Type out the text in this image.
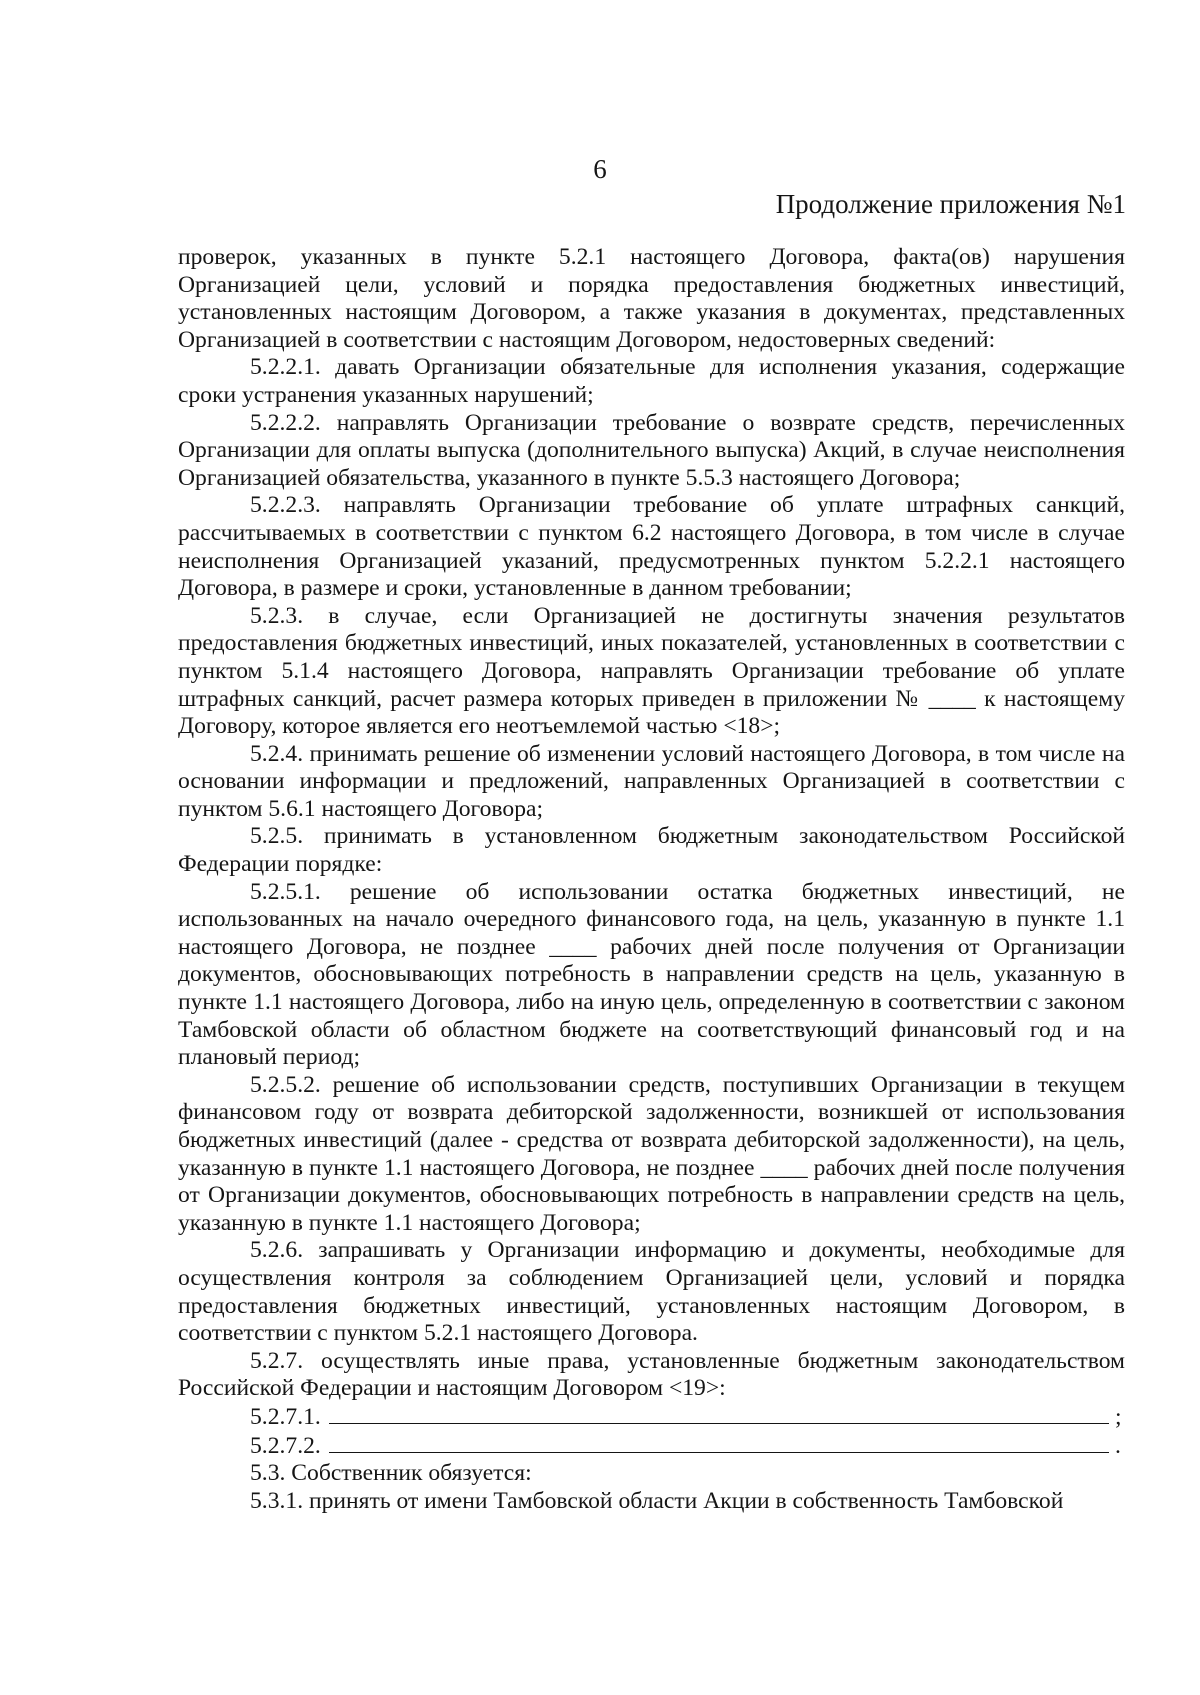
6
Продолжение приложения №1

проверок, указанных в пункте 5.2.1 настоящего Договора, факта(ов) нарушения Организацией цели, условий и порядка предоставления бюджетных инвестиций, установленных настоящим Договором, а также указания в документах, представленных Организацией в соответствии с настоящим Договором, недостоверных сведений:

5.2.2.1. давать Организации обязательные для исполнения указания, содержащие сроки устранения указанных нарушений;

5.2.2.2. направлять Организации требование о возврате средств, перечисленных Организации для оплаты выпуска (дополнительного выпуска) Акций, в случае неисполнения Организацией обязательства, указанного в пункте 5.5.3 настоящего Договора;

5.2.2.3. направлять Организации требование об уплате штрафных санкций, рассчитываемых в соответствии с пунктом 6.2 настоящего Договора, в том числе в случае неисполнения Организацией указаний, предусмотренных пунктом 5.2.2.1 настоящего Договора, в размере и сроки, установленные в данном требовании;

5.2.3. в случае, если Организацией не достигнуты значения результатов предоставления бюджетных инвестиций, иных показателей, установленных в соответствии с пунктом 5.1.4 настоящего Договора, направлять Организации требование об уплате штрафных санкций, расчет размера которых приведен в приложении № ____ к настоящему Договору, которое является его неотъемлемой частью <18>;

5.2.4. принимать решение об изменении условий настоящего Договора, в том числе на основании информации и предложений, направленных Организацией в соответствии с пунктом 5.6.1 настоящего Договора;

5.2.5. принимать в установленном бюджетным законодательством Российской Федерации порядке:

5.2.5.1. решение об использовании остатка бюджетных инвестиций, не использованных на начало очередного финансового года, на цель, указанную в пункте 1.1 настоящего Договора, не позднее ____ рабочих дней после получения от Организации документов, обосновывающих потребность в направлении средств на цель, указанную в пункте 1.1 настоящего Договора, либо на иную цель, определенную в соответствии с законом Тамбовской области об областном бюджете на соответствующий финансовый год и на плановый период;

5.2.5.2. решение об использовании средств, поступивших Организации в текущем финансовом году от возврата дебиторской задолженности, возникшей от использования бюджетных инвестиций (далее - средства от возврата дебиторской задолженности), на цель, указанную в пункте 1.1 настоящего Договора, не позднее ____ рабочих дней после получения от Организации документов, обосновывающих потребность в направлении средств на цель, указанную в пункте 1.1 настоящего Договора;

5.2.6. запрашивать у Организации информацию и документы, необходимые для осуществления контроля за соблюдением Организацией цели, условий и порядка предоставления бюджетных инвестиций, установленных настоящим Договором, в соответствии с пунктом 5.2.1 настоящего Договора.

5.2.7. осуществлять иные права, установленные бюджетным законодательством Российской Федерации и настоящим Договором <19>:

5.2.7.1.	;
5.2.7.2.	.

5.3. Собственник обязуется:

5.3.1. принять от имени Тамбовской области Акции в собственность Тамбовской
